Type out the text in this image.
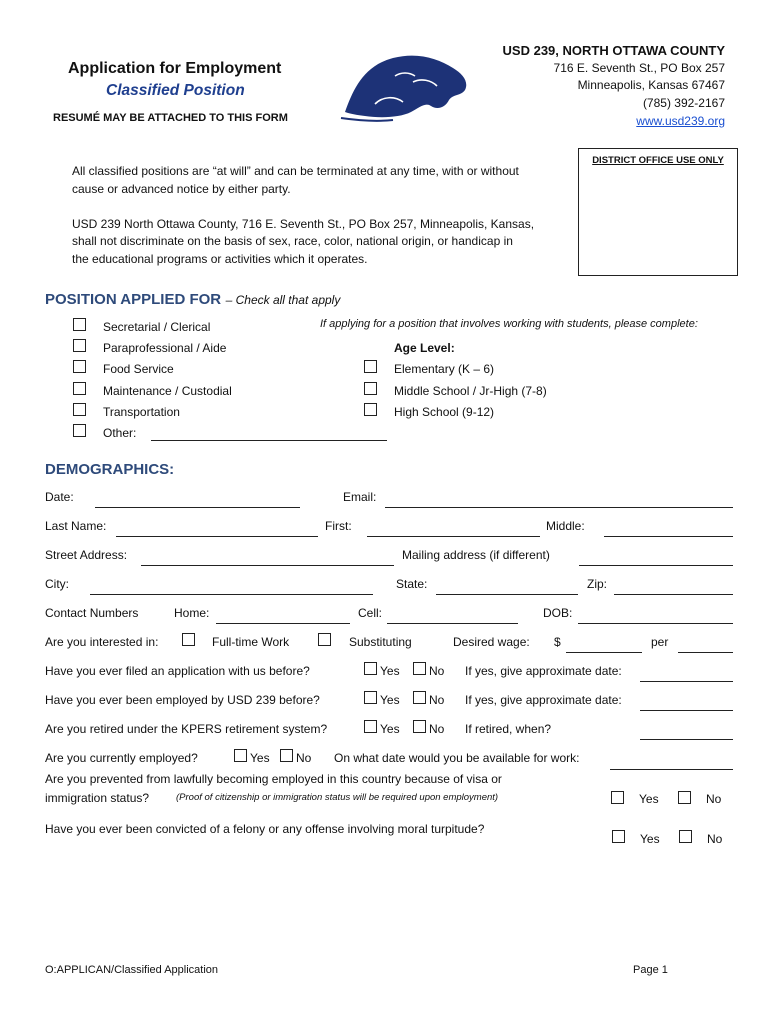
Application for Employment
Classified Position
RESUMÉ MAY BE ATTACHED TO THIS FORM
USD 239, NORTH OTTAWA COUNTY
716 E. Seventh St., PO Box 257
Minneapolis, Kansas 67467
(785) 392-2167
www.usd239.org
DISTRICT OFFICE USE ONLY
All classified positions are “at will” and can be terminated at any time, with or without
cause or advanced notice by either party.
USD 239 North Ottawa County, 716 E. Seventh St., PO Box 257, Minneapolis, Kansas,
shall not discriminate on the basis of sex, race, color, national origin, or handicap in
the educational programs or activities which it operates.
POSITION APPLIED FOR – Check all that apply
Secretarial / Clerical
Paraprofessional / Aide
Food Service
Maintenance / Custodial
Transportation
Other:
If applying for a position that involves working with students, please complete:
Age Level:
Elementary (K – 6)
Middle School / Jr-High (7-8)
High School (9-12)
DEMOGRAPHICS:
Date:	Email:
Last Name:	First:	Middle:
Street Address:	Mailing address (if different)
City:	State:	Zip:
Contact Numbers	Home:	Cell:	DOB:
Are you interested in:	Full-time Work	Substituting	Desired wage: $	per
Have you ever filed an application with us before?	Yes No If yes, give approximate date:
Have you ever been employed by USD 239 before?	Yes No If yes, give approximate date:
Are you retired under the KPERS retirement system?	Yes No If retired, when?
Are you currently employed?	Yes No On what date would you be available for work:
Are you prevented from lawfully becoming employed in this country because of visa or
immigration status?	(Proof of citizenship or immigration status will be required upon employment)	Yes	No
Have you ever been convicted of a felony or any offense involving moral turpitude?
Yes	No
O:APPLICAN/Classified Application	Page 1
